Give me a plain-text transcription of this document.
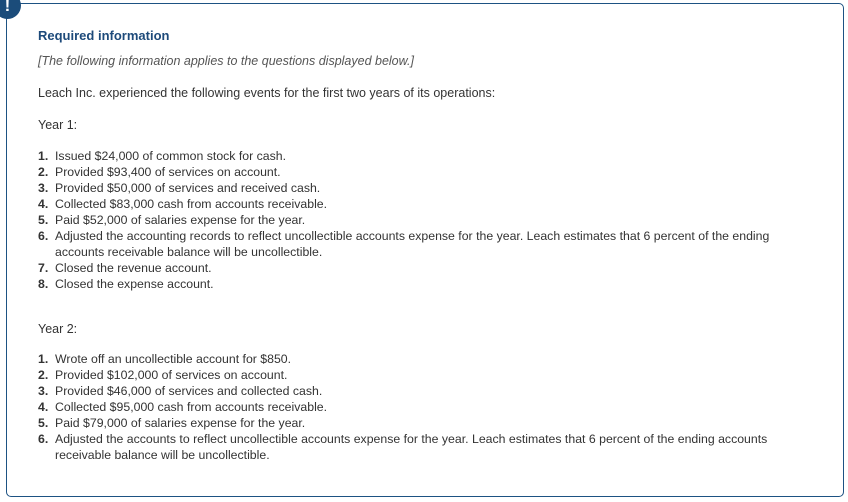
!
Required information
[The following information applies to the questions displayed below.]
Leach Inc. experienced the following events for the first two years of its operations:
Year 1:
1. Issued $24,000 of common stock for cash.
2. Provided $93,400 of services on account.
3. Provided $50,000 of services and received cash.
4. Collected $83,000 cash from accounts receivable.
5. Paid $52,000 of salaries expense for the year.
6. Adjusted the accounting records to reflect uncollectible accounts expense for the year. Leach estimates that 6 percent of the ending accounts receivable balance will be uncollectible.
7. Closed the revenue account.
8. Closed the expense account.
Year 2:
1. Wrote off an uncollectible account for $850.
2. Provided $102,000 of services on account.
3. Provided $46,000 of services and collected cash.
4. Collected $95,000 cash from accounts receivable.
5. Paid $79,000 of salaries expense for the year.
6. Adjusted the accounts to reflect uncollectible accounts expense for the year. Leach estimates that 6 percent of the ending accounts receivable balance will be uncollectible.
